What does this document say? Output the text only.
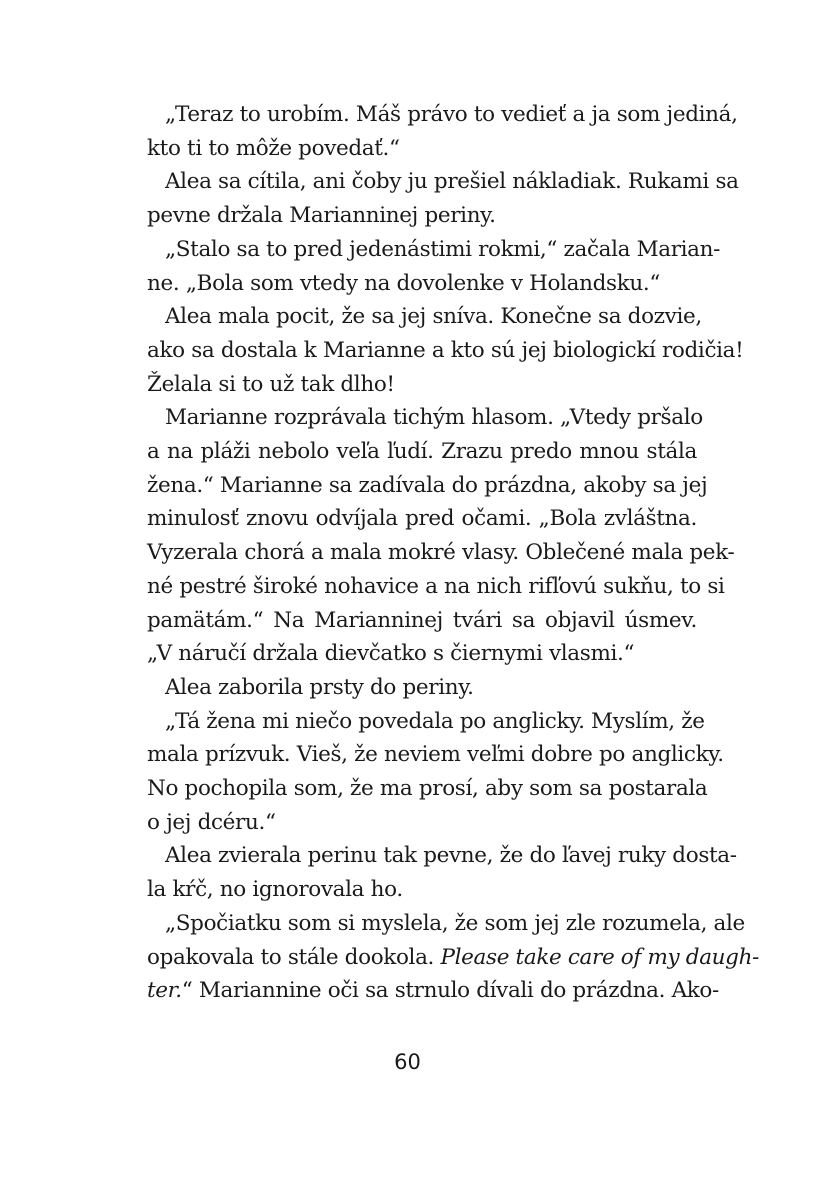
„Teraz to urobím. Máš právo to vedieť a ja som jediná,
kto ti to môže povedať.“

Alea sa cítila, ani čoby ju prešiel nákladiak. Rukami sa
pevne držala Marianninej periny.

„Stalo sa to pred jedenástimi rokmi,“ začala Marian-
ne. „Bola som vtedy na dovolenke v Holandsku.“

Alea mala pocit, že sa jej sníva. Konečne sa dozvie,
ako sa dostala k Marianne a kto sú jej biologickí rodičia!
Želala si to už tak dlho!

Marianne rozprávala tichým hlasom. „Vtedy pršalo
a na pláži nebolo veľa ľudí. Zrazu predo mnou stála
žena.“ Marianne sa zadívala do prázdna, akoby sa jej
minulosť znovu odvíjala pred očami. „Bola zvláštna.
Vyzerala chorá a mala mokré vlasy. Oblečené mala pek-
né pestré široké nohavice a na nich rifľovú sukňu, to si
pamätám.“ Na Marianninej tvári sa objavil úsmev.
„V náručí držala dievčatko s čiernymi vlasmi.“

Alea zaborila prsty do periny.

„Tá žena mi niečo povedala po anglicky. Myslím, že
mala prízvuk. Vieš, že neviem veľmi dobre po anglicky.
No pochopila som, že ma prosí, aby som sa postarala
o jej dcéru.“

Alea zvierala perinu tak pevne, že do ľavej ruky dosta-
la kŕč, no ignorovala ho.

„Spočiatku som si myslela, že som jej zle rozumela, ale
opakovala to stále dookola. Please take care of my daugh-
ter.“ Mariannine oči sa strnulo dívali do prázdna. Ako-

60
